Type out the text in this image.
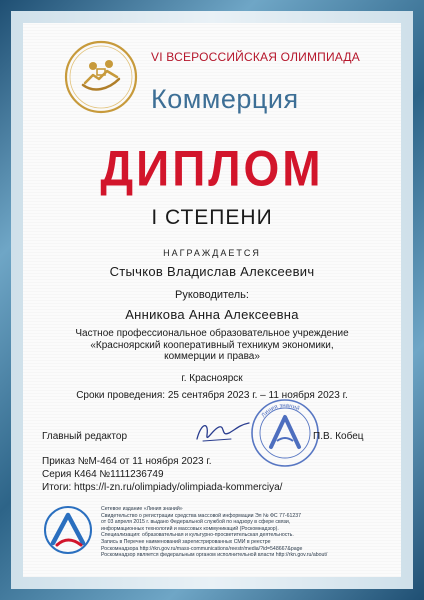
VI ВСЕРОССИЙСКАЯ ОЛИМПИАДА
Коммерция
ДИПЛОМ
I СТЕПЕНИ
НАГРАЖДАЕТСЯ
Стычков Владислав Алексеевич
Руководитель:
Анникова Анна Алексеевна
Частное профессиональное образовательное учреждение
«Красноярский кооперативный техникум экономики,
коммерции и права»
г. Красноярск
Сроки проведения: 25 сентября 2023 г. – 11 ноября 2023 г.
Главный редактор
Линия знаний
П.В. Кобец
Приказ №М-464 от 11 ноября 2023 г.
Серия К464 №1111236749
Итоги: https://l-zn.ru/olimpiady/olimpiada-kommerciya/
Сетевое издание «Линия знаний»
Свидетельство о регистрации средства массовой информации Эл № ФС 77-61237
от 03 апреля 2015 г. выдано Федеральной службой по надзору в сфере связи,
информационных технологий и массовых коммуникаций (Роскомнадзор).
Специализация: образовательная и культурно-просветительская деятельность.
Запись в Перечне наименований зарегистрированных СМИ в реестре
Роскомнадзора http://rkn.gov.ru/mass-communications/reestr/media/?id=548667&page
Роскомнадзор является федеральным органом исполнительной власти http://rkn.gov.ru/about/
